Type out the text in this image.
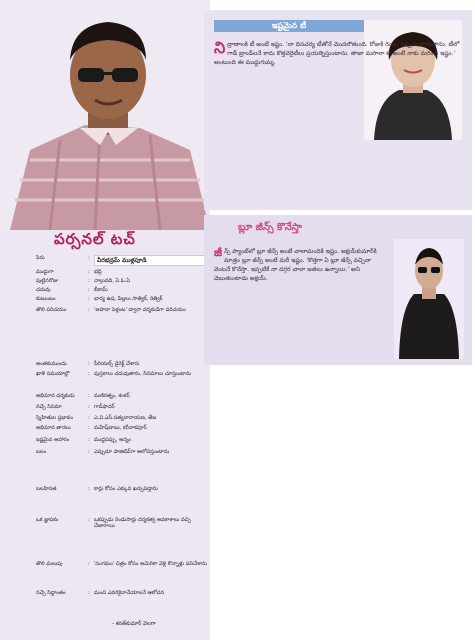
పర్సనల్ టచ్
పేరు	:	వీరభద్రమ్ ముళ్లపూడి
ముద్దుగా	: భద్రి
పుట్టినరోజు	: నాల్గువది, ఏ.ఓ.ఏ
చదువు	: బీకామ్
కుటుంబం	: భార్య ఉష, పిల్లలు సాత్విక్, రిత్విక్
తొలి పరిచయం	: 'అహనా పెళ్లంట' ద్వారా దర్శకుడిగా పరిచయం
అంతకుముందు	: సీరియల్స్ డైరెక్ట్ చేశారు
ఖాళీ సమయాల్లో	: పుస్తకాలు చదువుతాను, సినిమాలు చూస్తుంటాను
అభిమాన దర్శకుడు	: మణిరత్నం, శంకర్
నచ్చే సినిమా	: గాడ్‌ఫాదర్
స్నేహితుల ప్రభావం	: ఎ.వి.ఎస్.సత్యనారాయణ, తేజ
అభిమాన తారలు	: మహేష్‌బాబు, కరీనాకపూర్
ఇష్టమైన ఆహారం	: ముద్దపప్పు, అన్నం
బలం	: ఎప్పుడూ పాజిటివ్‌గా ఆలోచిస్తుంటాను
బలహీనత	: కార్లు కోసం ఎక్కువ ఖర్చుపెడ్తాను
ఒక జ్ఞాపకం	: ఒకప్పుడు రెండుసార్లు దర్శకత్వ అవకాశాలు వచ్చి చేజారాయి
తొలి మలుపు	: 'సంగమం' చిత్రం కోసం అమెరికా వెళ్లి కొన్నాళ్లు పనిచేశాను
నచ్చే సిద్ధాంతం	: మంచి ఎవరికైనాచేయాలనే ఆలోచన
- శరత్‌కుమార్ వెలగా
ఇష్టమైన టీ
ని ద్రాణాలకి టీ అంటే ఇష్టం. 'నా దినచర్య టీతోనే మొదలౌతుంది. రోజుకి రెండు కప్పులు తాగుతాను. టీలో గాడ్ బ్రాండ్‌లనే కాదు కొత్తవెరైటీలు ప్రయత్నిస్తుంటాను. తాజా మసాలా టీ అంటే నాకు మరింత ఇష్టం.' అంటుంది ఈ ముద్దుగుమ్మ.
బ్లూ జీన్స్ కొనేస్తా
జీ న్స్ ప్యాంట్‌లో బ్లూ జీన్స్ అంటే చాలామందికి ఇష్టం. అక్షయ్‌కుమార్‌కి మాత్రం బ్లూ జీన్స్ అంటే మరీ ఇష్టం. 'కొత్తగా ఏ బ్లూ జీన్స్ వచ్చినా వెంటనే కొనేస్తా. ఇప్పటికే నా దగ్గర చాలా జతలు ఉన్నాయి.' అని చెబుతుంటాడు అక్షయ్.
